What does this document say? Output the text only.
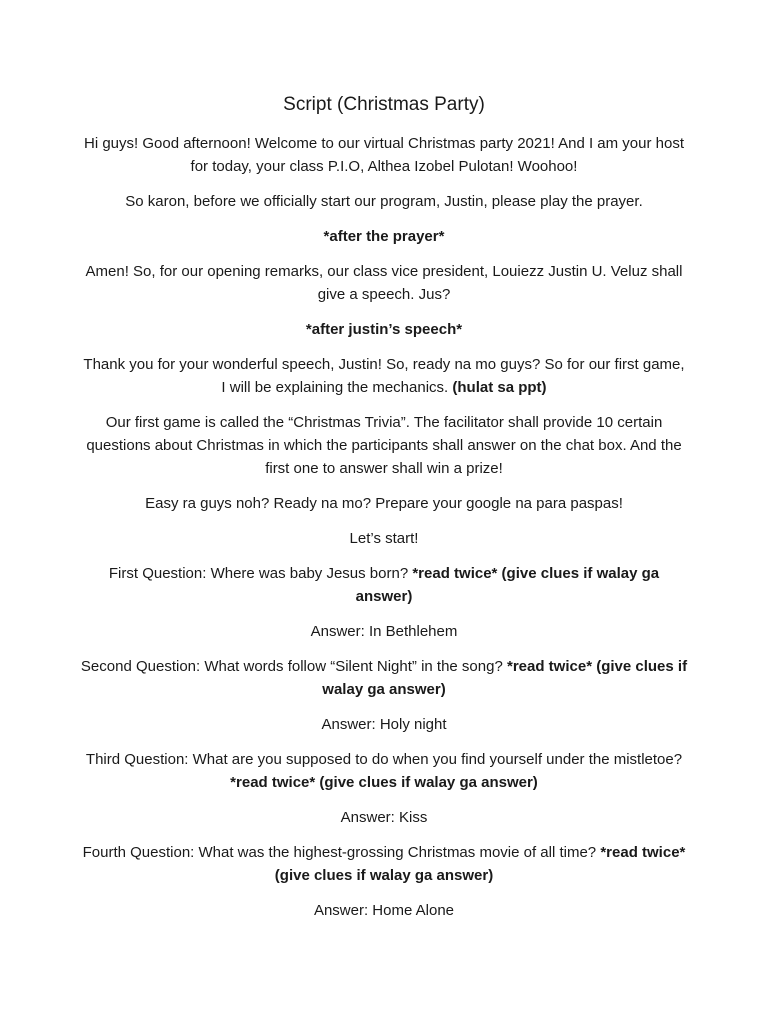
Script (Christmas Party)

Hi guys! Good afternoon! Welcome to our virtual Christmas party 2021! And I am your host for today, your class P.I.O, Althea Izobel Pulotan! Woohoo!

So karon, before we officially start our program, Justin, please play the prayer.

*after the prayer*

Amen! So, for our opening remarks, our class vice president, Louiezz Justin U. Veluz shall give a speech. Jus?

*after justin’s speech*

Thank you for your wonderful speech, Justin! So, ready na mo guys? So for our first game, I will be explaining the mechanics. (hulat sa ppt)

Our first game is called the “Christmas Trivia”. The facilitator shall provide 10 certain questions about Christmas in which the participants shall answer on the chat box. And the first one to answer shall win a prize!

Easy ra guys noh? Ready na mo? Prepare your google na para paspas!

Let’s start!

First Question: Where was baby Jesus born? *read twice* (give clues if walay ga answer)

Answer: In Bethlehem

Second Question: What words follow “Silent Night” in the song? *read twice* (give clues if walay ga answer)

Answer: Holy night

Third Question: What are you supposed to do when you find yourself under the mistletoe? *read twice* (give clues if walay ga answer)

Answer: Kiss

Fourth Question: What was the highest-grossing Christmas movie of all time? *read twice* (give clues if walay ga answer)

Answer: Home Alone
